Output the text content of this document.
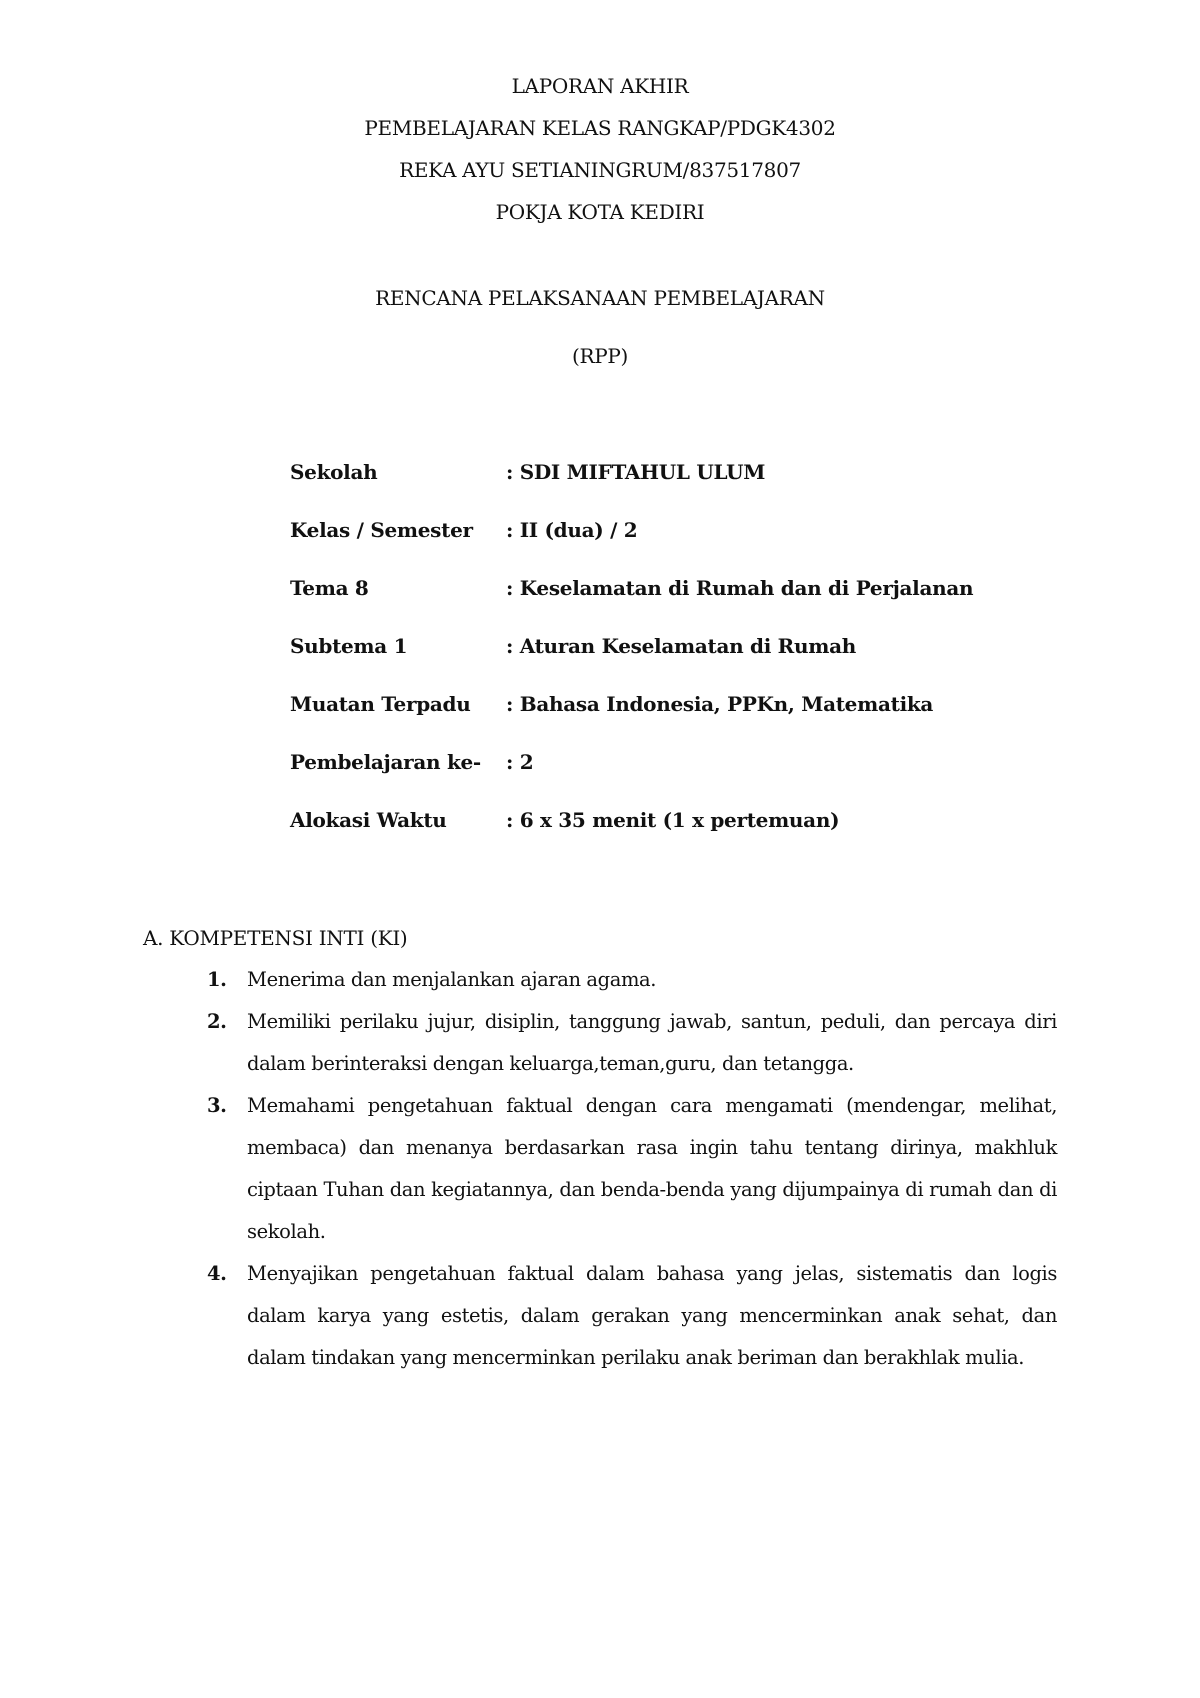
LAPORAN AKHIR
PEMBELAJARAN KELAS RANGKAP/PDGK4302
REKA AYU SETIANINGRUM/837517807
POKJA KOTA KEDIRI
RENCANA PELAKSANAAN PEMBELAJARAN
(RPP)
Sekolah	: SDI MIFTAHUL ULUM
Kelas / Semester : II (dua) / 2
Tema 8	: Keselamatan di Rumah dan di Perjalanan
Subtema 1	: Aturan Keselamatan di Rumah
Muatan Terpadu : Bahasa Indonesia, PPKn, Matematika
Pembelajaran ke- : 2
Alokasi Waktu	: 6 x 35 menit (1 x pertemuan)
A. KOMPETENSI INTI (KI)
1. Menerima dan menjalankan ajaran agama.
2. Memiliki perilaku jujur, disiplin, tanggung jawab, santun, peduli, dan percaya diri dalam berinteraksi dengan keluarga,teman,guru, dan tetangga.
3. Memahami pengetahuan faktual dengan cara mengamati (mendengar, melihat, membaca) dan menanya berdasarkan rasa ingin tahu tentang dirinya, makhluk ciptaan Tuhan dan kegiatannya, dan benda-benda yang dijumpainya di rumah dan di sekolah.
4. Menyajikan pengetahuan faktual dalam bahasa yang jelas, sistematis dan logis dalam karya yang estetis, dalam gerakan yang mencerminkan anak sehat, dan dalam tindakan yang mencerminkan perilaku anak beriman dan berakhlak mulia.
